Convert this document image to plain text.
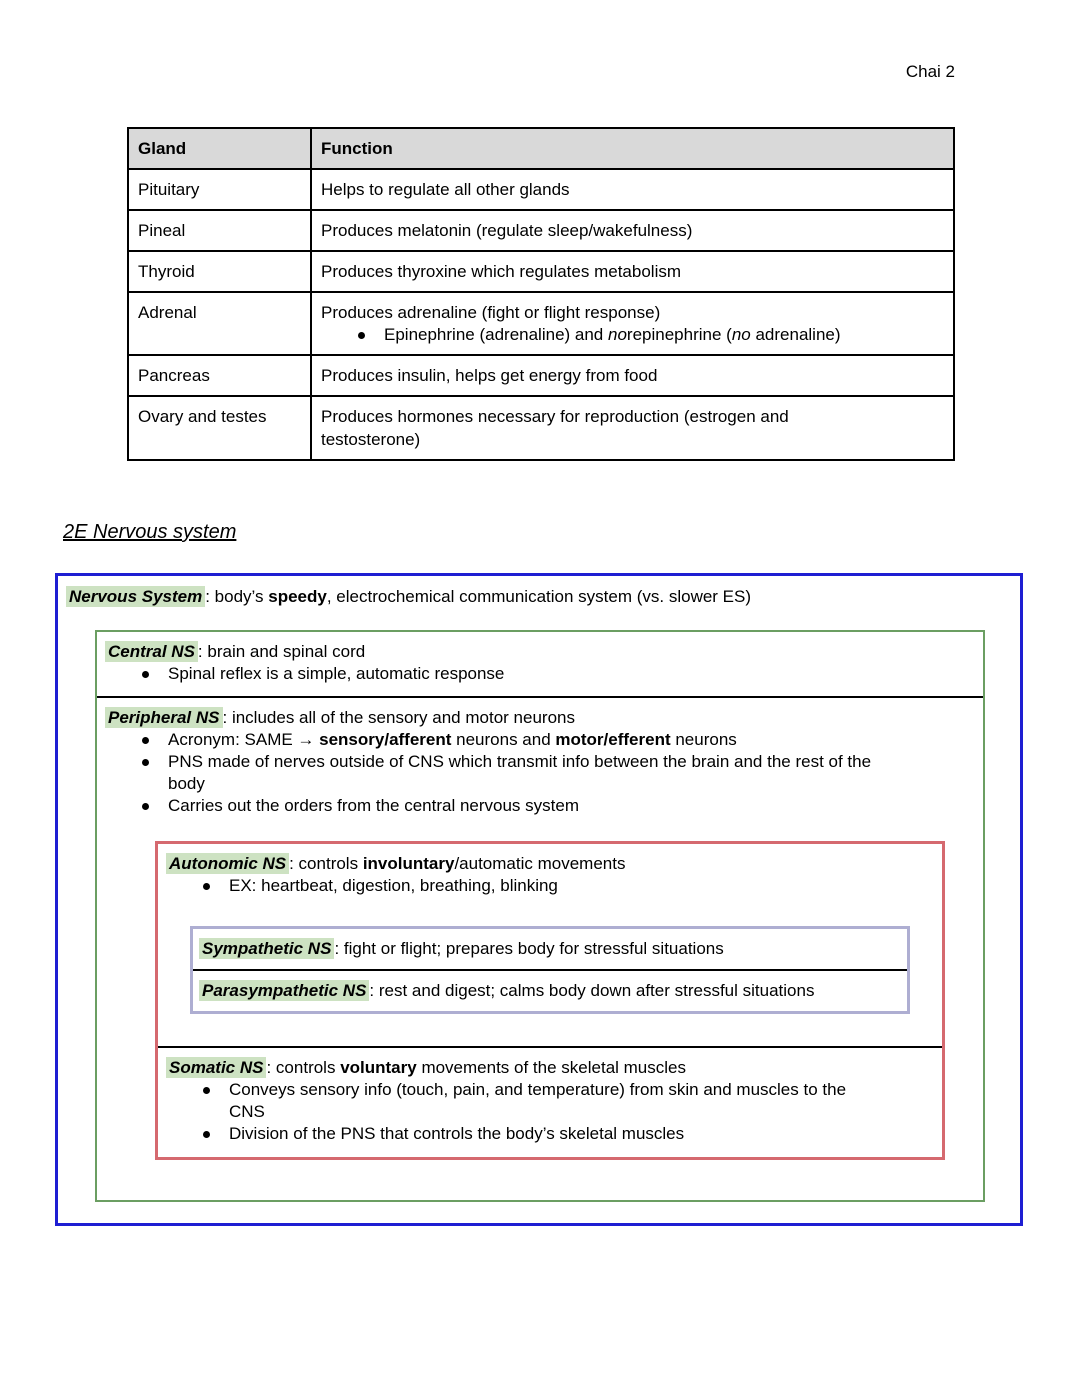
Chai 2
Gland	Function
Pituitary	Helps to regulate all other glands

Pineal	Produces melatonin (regulate sleep/wakefulness)

Thyroid	Produces thyroxine which regulates metabolism

Adrenal	Produces adrenaline (fight or flight response)
Epinephrine (adrenaline) and norepinephrine (no adrenaline)

Pancreas	Produces insulin, helps get energy from food

Ovary and testes	Produces hormones necessary for reproduction (estrogen and
testosterone)
2E Nervous system
Nervous System : body’s speedy, electrochemical communication system (vs. slower ES)
Central NS : brain and spinal cord
Spinal reflex is a simple, automatic response
Peripheral NS : includes all of the sensory and motor neurons
Acronym: SAME → sensory/afferent neurons and motor/efferent neurons
PNS made of nerves outside of CNS which transmit info between the brain and the rest of the
body
Carries out the orders from the central nervous system
Autonomic NS : controls involuntary/automatic movements
EX: heartbeat, digestion, breathing, blinking
Sympathetic NS : fight or flight; prepares body for stressful situations
Parasympathetic NS : rest and digest; calms body down after stressful situations
Somatic NS : controls voluntary movements of the skeletal muscles
Conveys sensory info (touch, pain, and temperature) from skin and muscles to the
CNS
Division of the PNS that controls the body’s skeletal muscles
